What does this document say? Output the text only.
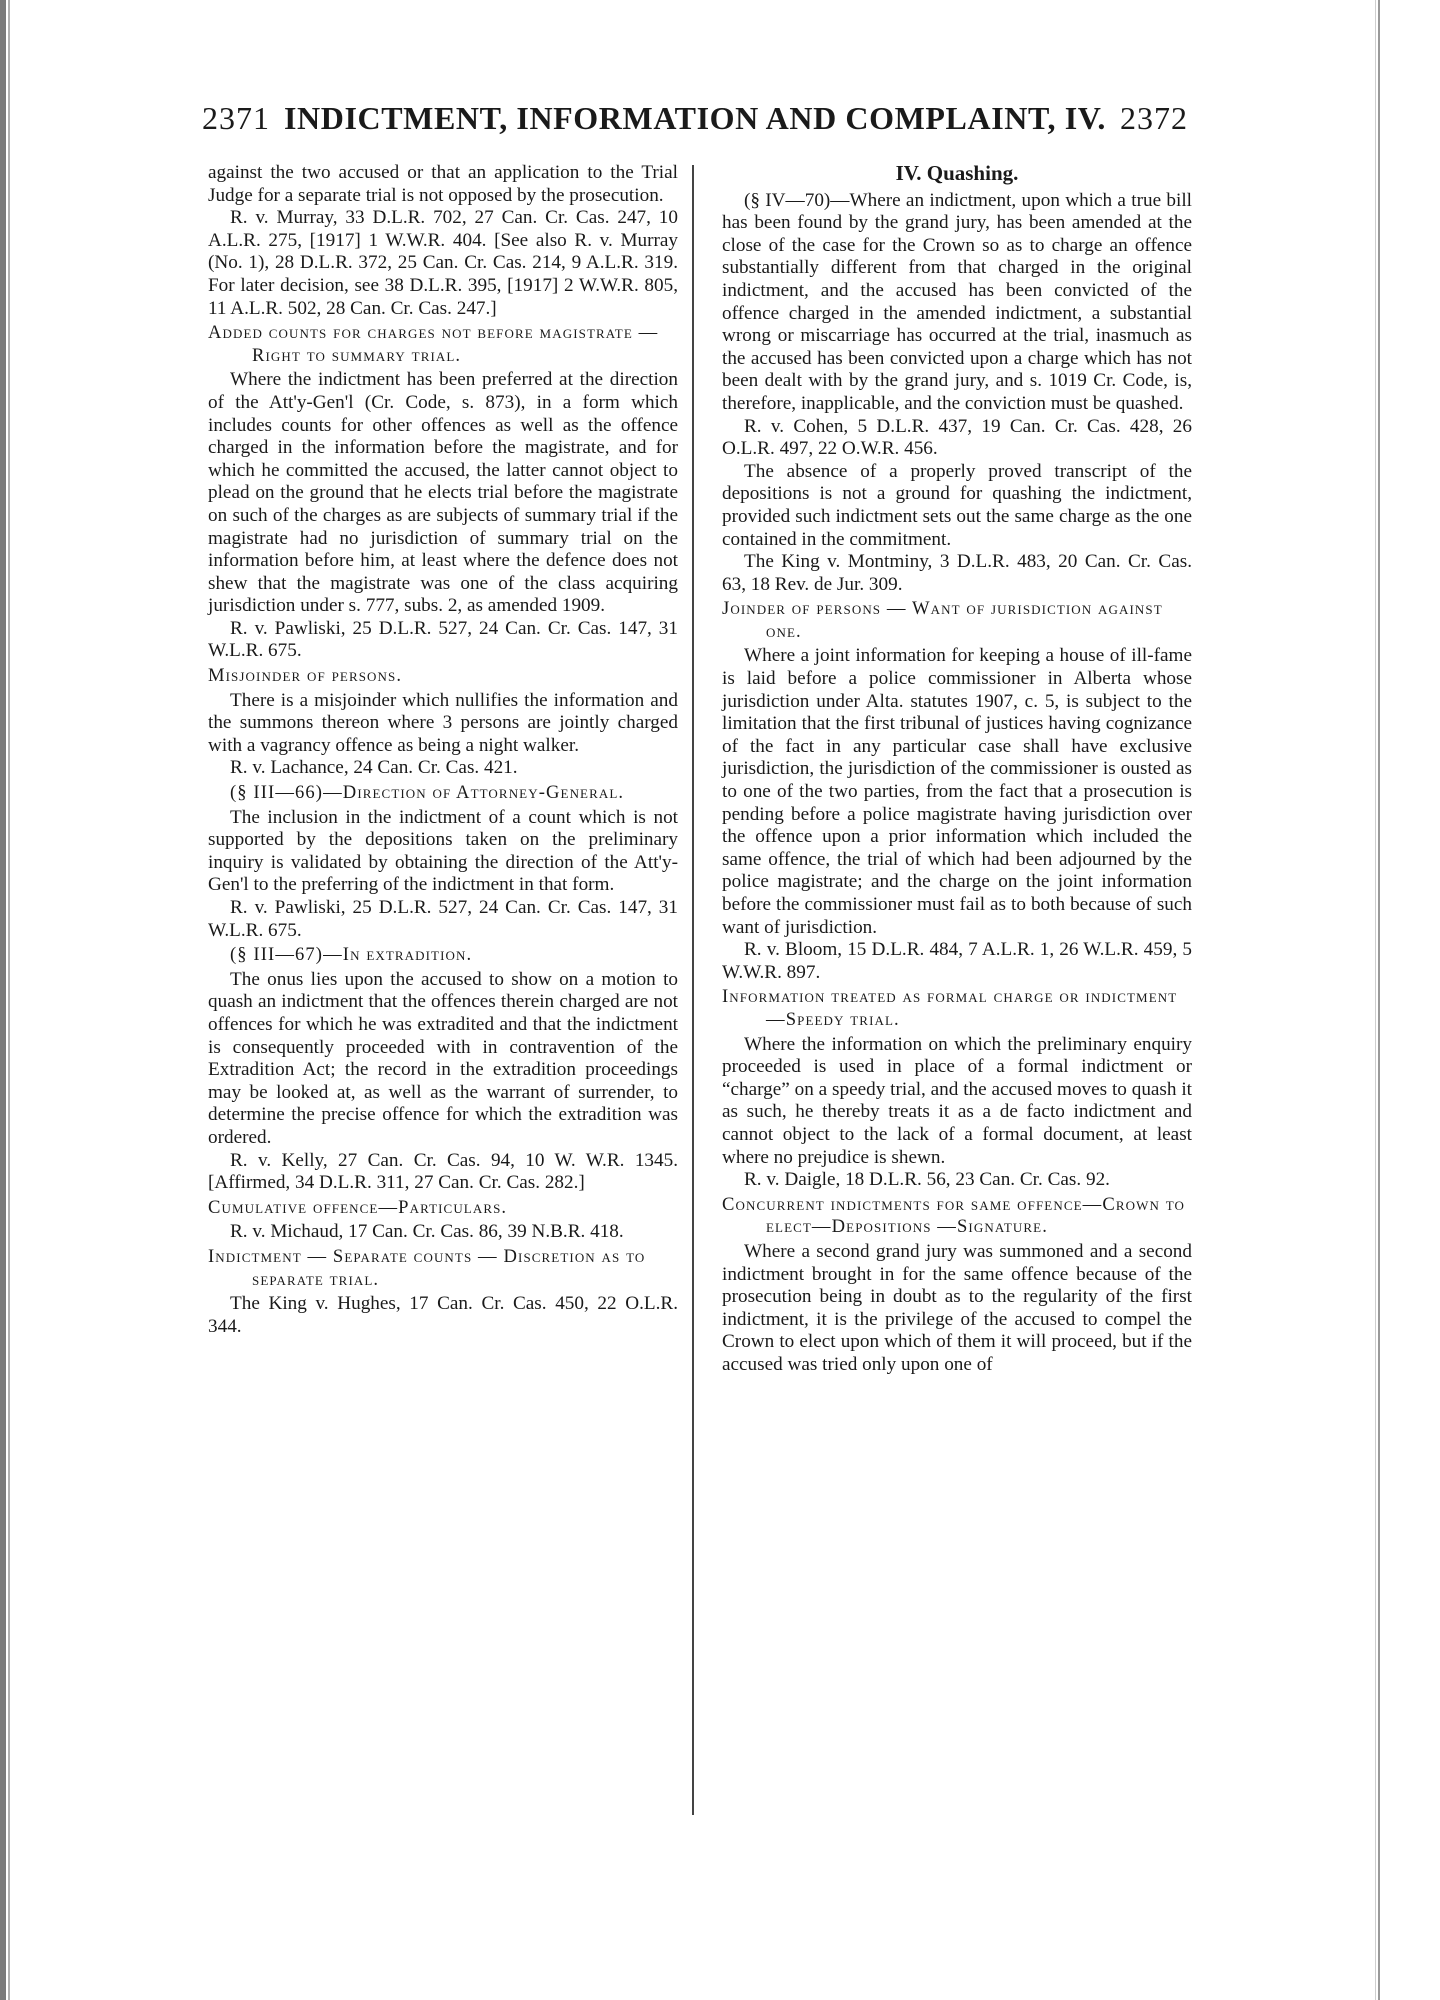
2371 INDICTMENT, INFORMATION AND COMPLAINT, IV. 2372

against the two accused or that an application to the Trial Judge for a separate trial is not opposed by the prosecution.

R. v. Murray, 33 D.L.R. 702, 27 Can. Cr. Cas. 247, 10 A.L.R. 275, [1917] 1 W.W.R. 404. [See also R. v. Murray (No. 1), 28 D.L.R. 372, 25 Can. Cr. Cas. 214, 9 A.L.R. 319. For later decision, see 38 D.L.R. 395, [1917] 2 W.W.R. 805, 11 A.L.R. 502, 28 Can. Cr. Cas. 247.]

Added counts for charges not before magistrate — Right to summary trial.

Where the indictment has been preferred at the direction of the Att'y-Gen'l (Cr. Code, s. 873), in a form which includes counts for other offences as well as the offence charged in the information before the magistrate, and for which he committed the accused, the latter cannot object to plead on the ground that he elects trial before the magistrate on such of the charges as are subjects of summary trial if the magistrate had no jurisdiction of summary trial on the information before him, at least where the defence does not shew that the magistrate was one of the class acquiring jurisdiction under s. 777, subs. 2, as amended 1909.

R. v. Pawliski, 25 D.L.R. 527, 24 Can. Cr. Cas. 147, 31 W.L.R. 675.

Misjoinder of persons.

There is a misjoinder which nullifies the information and the summons thereon where 3 persons are jointly charged with a vagrancy offence as being a night walker.

R. v. Lachance, 24 Can. Cr. Cas. 421.

(§ III—66)—Direction of Attorney-General.

The inclusion in the indictment of a count which is not supported by the depositions taken on the preliminary inquiry is validated by obtaining the direction of the Att'y-Gen'l to the preferring of the indictment in that form.

R. v. Pawliski, 25 D.L.R. 527, 24 Can. Cr. Cas. 147, 31 W.L.R. 675.

(§ III—67)—In extradition.

The onus lies upon the accused to show on a motion to quash an indictment that the offences therein charged are not offences for which he was extradited and that the indictment is consequently proceeded with in contravention of the Extradition Act; the record in the extradition proceedings may be looked at, as well as the warrant of surrender, to determine the precise offence for which the extradition was ordered.

R. v. Kelly, 27 Can. Cr. Cas. 94, 10 W. W.R. 1345. [Affirmed, 34 D.L.R. 311, 27 Can. Cr. Cas. 282.]

Cumulative offence—Particulars.

R. v. Michaud, 17 Can. Cr. Cas. 86, 39 N.B.R. 418.

Indictment — Separate counts — Discretion as to separate trial.

The King v. Hughes, 17 Can. Cr. Cas. 450, 22 O.L.R. 344.

IV. Quashing.

(§ IV—70)—Where an indictment, upon which a true bill has been found by the grand jury, has been amended at the close of the case for the Crown so as to charge an offence substantially different from that charged in the original indictment, and the accused has been convicted of the offence charged in the amended indictment, a substantial wrong or miscarriage has occurred at the trial, inasmuch as the accused has been convicted upon a charge which has not been dealt with by the grand jury, and s. 1019 Cr. Code, is, therefore, inapplicable, and the conviction must be quashed.

R. v. Cohen, 5 D.L.R. 437, 19 Can. Cr. Cas. 428, 26 O.L.R. 497, 22 O.W.R. 456.

The absence of a properly proved transcript of the depositions is not a ground for quashing the indictment, provided such indictment sets out the same charge as the one contained in the commitment.

The King v. Montminy, 3 D.L.R. 483, 20 Can. Cr. Cas. 63, 18 Rev. de Jur. 309.

Joinder of persons — Want of jurisdiction against one.

Where a joint information for keeping a house of ill-fame is laid before a police commissioner in Alberta whose jurisdiction under Alta. statutes 1907, c. 5, is subject to the limitation that the first tribunal of justices having cognizance of the fact in any particular case shall have exclusive jurisdiction, the jurisdiction of the commissioner is ousted as to one of the two parties, from the fact that a prosecution is pending before a police magistrate having jurisdiction over the offence upon a prior information which included the same offence, the trial of which had been adjourned by the police magistrate; and the charge on the joint information before the commissioner must fail as to both because of such want of jurisdiction.

R. v. Bloom, 15 D.L.R. 484, 7 A.L.R. 1, 26 W.L.R. 459, 5 W.W.R. 897.

Information treated as formal charge or indictment—Speedy trial.

Where the information on which the preliminary enquiry proceeded is used in place of a formal indictment or “charge” on a speedy trial, and the accused moves to quash it as such, he thereby treats it as a de facto indictment and cannot object to the lack of a formal document, at least where no prejudice is shewn.

R. v. Daigle, 18 D.L.R. 56, 23 Can. Cr. Cas. 92.

Concurrent indictments for same offence—Crown to elect—Depositions —Signature.

Where a second grand jury was summoned and a second indictment brought in for the same offence because of the prosecution being in doubt as to the regularity of the first indictment, it is the privilege of the accused to compel the Crown to elect upon which of them it will proceed, but if the accused was tried only upon one of
